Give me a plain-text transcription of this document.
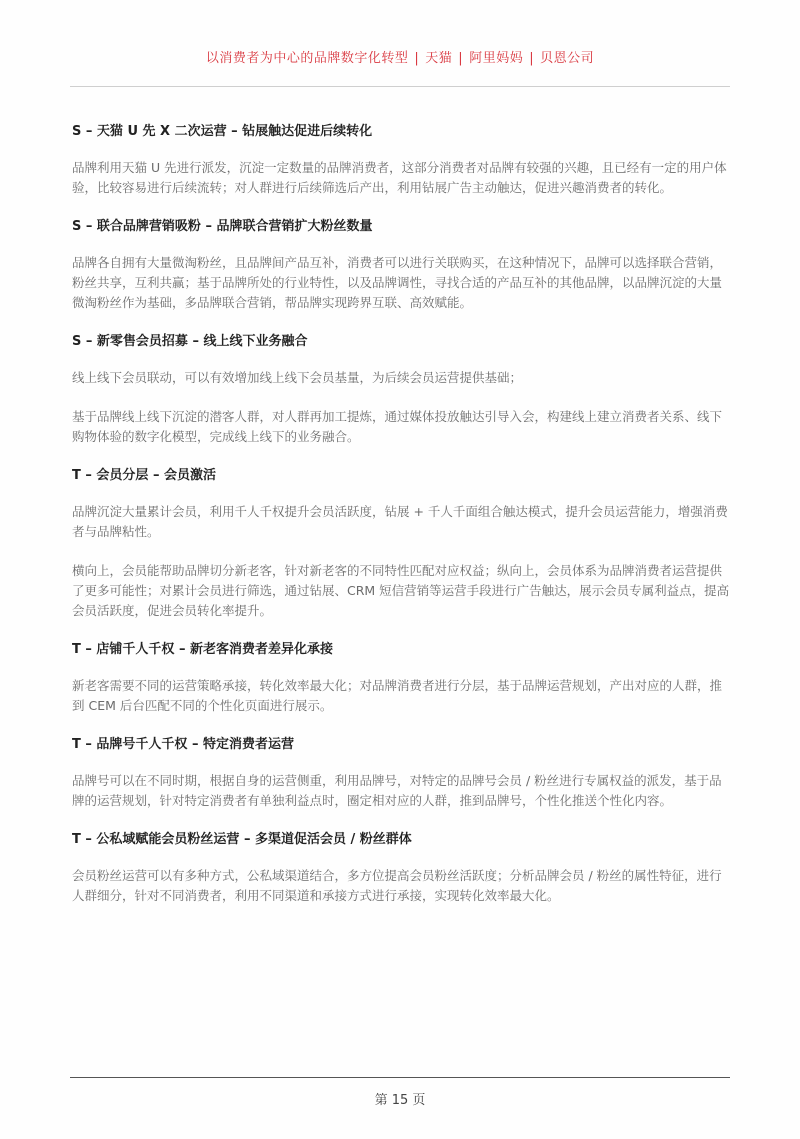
以消费者为中心的品牌数字化转型 | 天猫 | 阿里妈妈 | 贝恩公司
S – 天猫 U 先 X 二次运营 – 钻展触达促进后续转化

品牌利用天猫 U 先进行派发，沉淀一定数量的品牌消费者，这部分消费者对品牌有较强的兴趣，且已经有一定的用户体验，比较容易进行后续流转；对人群进行后续筛选后产出，利用钻展广告主动触达，促进兴趣消费者的转化。

S – 联合品牌营销吸粉 – 品牌联合营销扩大粉丝数量

品牌各自拥有大量微淘粉丝，且品牌间产品互补，消费者可以进行关联购买，在这种情况下，品牌可以选择联合营销，粉丝共享，互利共赢；基于品牌所处的行业特性，以及品牌调性，寻找合适的产品互补的其他品牌，以品牌沉淀的大量微淘粉丝作为基础，多品牌联合营销，帮品牌实现跨界互联、高效赋能。

S – 新零售会员招募 – 线上线下业务融合

线上线下会员联动，可以有效增加线上线下会员基量，为后续会员运营提供基础；

基于品牌线上线下沉淀的潜客人群，对人群再加工提炼，通过媒体投放触达引导入会，构建线上建立消费者关系、线下购物体验的数字化模型，完成线上线下的业务融合。

T – 会员分层 – 会员激活

品牌沉淀大量累计会员，利用千人千权提升会员活跃度，钻展 + 千人千面组合触达模式，提升会员运营能力，增强消费者与品牌粘性。

横向上，会员能帮助品牌切分新老客，针对新老客的不同特性匹配对应权益；纵向上，会员体系为品牌消费者运营提供了更多可能性；对累计会员进行筛选，通过钻展、CRM 短信营销等运营手段进行广告触达，展示会员专属利益点，提高会员活跃度，促进会员转化率提升。

T – 店铺千人千权 – 新老客消费者差异化承接

新老客需要不同的运营策略承接，转化效率最大化；对品牌消费者进行分层，基于品牌运营规划，产出对应的人群，推到 CEM 后台匹配不同的个性化页面进行展示。

T – 品牌号千人千权 – 特定消费者运营

品牌号可以在不同时期，根据自身的运营侧重，利用品牌号，对特定的品牌号会员 / 粉丝进行专属权益的派发，基于品牌的运营规划，针对特定消费者有单独利益点时，圈定相对应的人群，推到品牌号，个性化推送个性化内容。

T – 公私域赋能会员粉丝运营 – 多渠道促活会员 / 粉丝群体

会员粉丝运营可以有多种方式，公私域渠道结合，多方位提高会员粉丝活跃度；分析品牌会员 / 粉丝的属性特征，进行人群细分，针对不同消费者，利用不同渠道和承接方式进行承接，实现转化效率最大化。

第 15 页
